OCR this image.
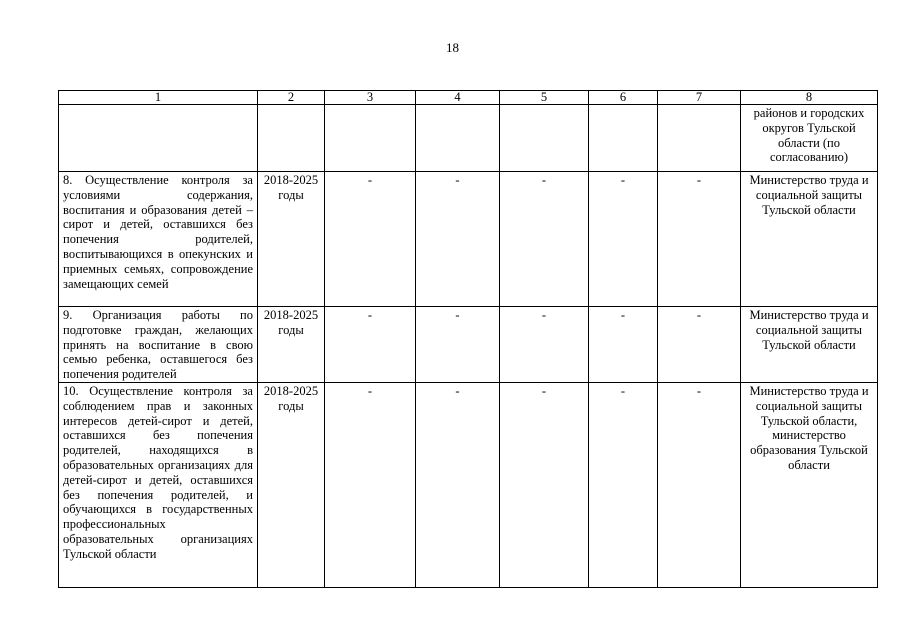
18
1	2	3	4	5	6	7	8
							районов и городских округов Тульской области (по согласованию)
8. Осуществление контроля за условиями содержания, воспитания и образования детей – сирот и детей, оставшихся без попечения родителей, воспитывающихся в опекунских и приемных семьях, сопровождение замещающих семей	2018-2025 годы	-	-	-	-	-	Министерство труда и социальной защиты Тульской области
9. Организация работы по подготовке граждан, желающих принять на воспитание в свою семью ребенка, оставшегося без попечения родителей	2018-2025 годы	-	-	-	-	-	Министерство труда и социальной защиты Тульской области
10. Осуществление контроля за соблюдением прав и законных интересов детей-сирот и детей, оставшихся без попечения родителей, находящихся в образовательных организациях для детей-сирот и детей, оставшихся без попечения родителей, и обучающихся в государственных профессиональных образовательных организациях Тульской области	2018-2025 годы	-	-	-	-	-	Министерство труда и социальной защиты Тульской области, министерство образования Тульской области
